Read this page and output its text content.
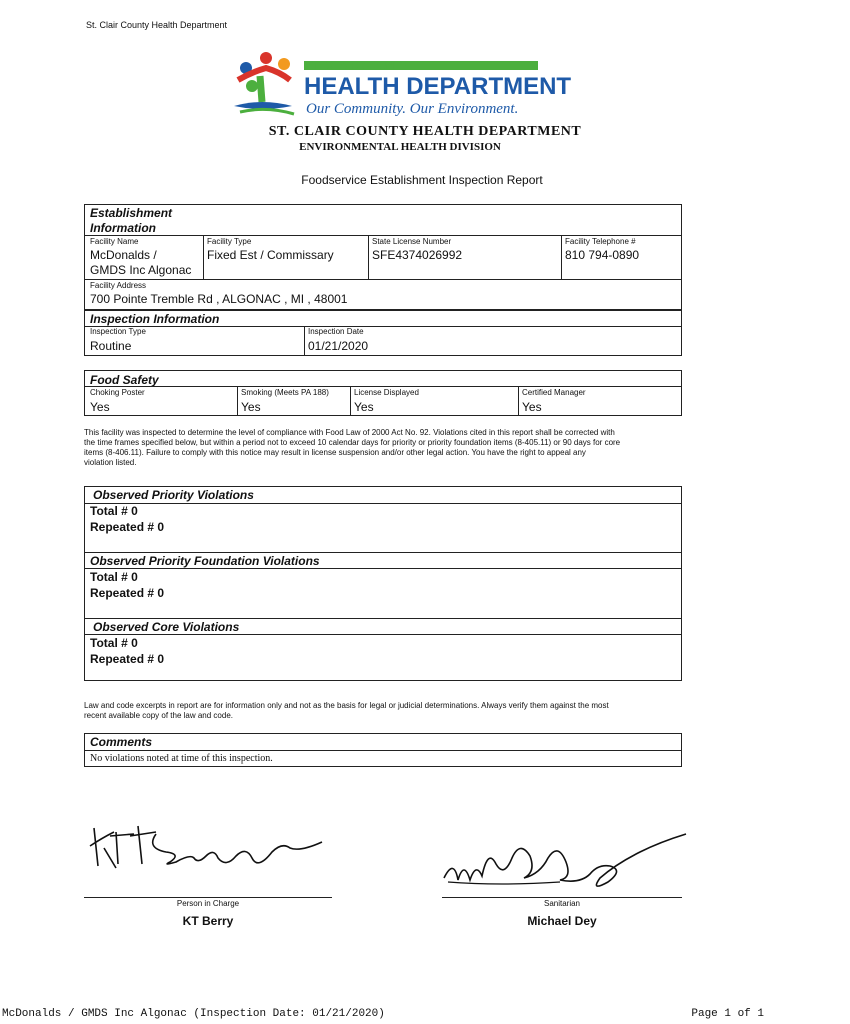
St. Clair County Health Department
ST. CLAIR COUNTY
HEALTH DEPARTMENT
Our Community. Our Environment.
ST. CLAIR COUNTY HEALTH DEPARTMENT
ENVIRONMENTAL HEALTH DIVISION
Foodservice Establishment Inspection Report
Establishment
Information
Facility Name
McDonalds /
GMDS Inc Algonac
Facility Type
Fixed Est / Commissary
State License Number
SFE4374026992
Facility Telephone #
810 794-0890
Facility Address
700 Pointe Tremble Rd , ALGONAC , MI , 48001
Inspection Information
Inspection Type
Routine
Inspection Date
01/21/2020
Food Safety
Choking Poster
Yes
Smoking (Meets PA 188)
Yes
License Displayed
Yes
Certified Manager
Yes
This facility was inspected to determine the level of compliance with Food Law of 2000 Act No. 92. Violations cited in this report shall be corrected with
the time frames specified below, but within a period not to exceed 10 calendar days for priority or priority foundation items (8-405.11) or 90 days for core
items (8-406.11). Failure to comply with this notice may result in license suspension and/or other legal action. You have the right to appeal any
violation listed.
Observed Priority Violations
Total # 0
Repeated # 0
Observed Priority Foundation Violations
Total # 0
Repeated # 0
Observed Core Violations
Total # 0
Repeated # 0
Law and code excerpts in report are for information only and not as the basis for legal or judicial determinations. Always verify them against the most
recent available copy of the law and code.
Comments
No violations noted at time of this inspection.
Person in Charge
KT Berry
Sanitarian
Michael Dey
McDonalds / GMDS Inc Algonac (Inspection Date: 01/21/2020)	Page 1 of 1
